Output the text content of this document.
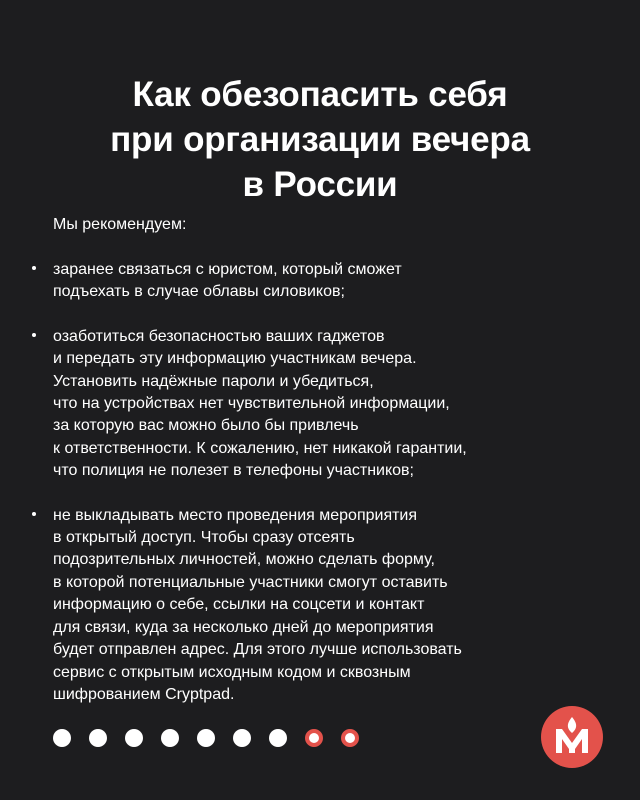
Как обезопасить себя
при организации вечера
в России
Мы рекомендуем:
заранее связаться с юристом, который сможет
подъехать в случае облавы силовиков;
озаботиться безопасностью ваших гаджетов
и передать эту информацию участникам вечера.
Установить надёжные пароли и убедиться,
что на устройствах нет чувствительной информации,
за которую вас можно было бы привлечь
к ответственности. К сожалению, нет никакой гарантии,
что полиция не полезет в телефоны участников;
не выкладывать место проведения мероприятия
в открытый доступ. Чтобы сразу отсеять
подозрительных личностей, можно сделать форму,
в которой потенциальные участники смогут оставить
информацию о себе, ссылки на соцсети и контакт
для связи, куда за несколько дней до мероприятия
будет отправлен адрес. Для этого лучше использовать
сервис с открытым исходным кодом и сквозным
шифрованием Cryptpad.
